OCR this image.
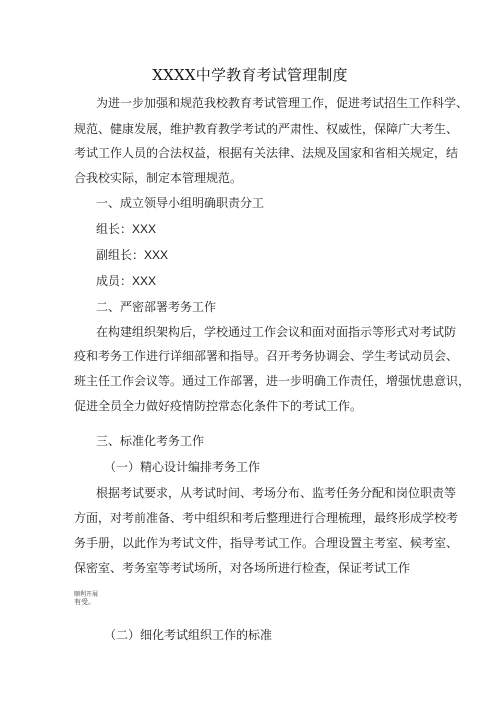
XXXX中学教育考试管理制度
为进一步加强和规范我校教育考试管理工作，促进考试招生工作科学、
规范、健康发展，维护教育教学考试的严肃性、权威性，保障广大考生、
考试工作人员的合法权益，根据有关法律、法规及国家和省相关规定，结
合我校实际，制定本管理规范。
一、成立领导小组明确职责分工
组长：XXX
副组长：XXX
成员：XXX
二、严密部署考务工作
在构建组织架构后，学校通过工作会议和面对面指示等形式对考试防
疫和考务工作进行详细部署和指导。召开考务协调会、学生考试动员会、
班主任工作会议等。通过工作部署，进一步明确工作责任，增强忧患意识，
促进全员全力做好疫情防控常态化条件下的考试工作。
三、标准化考务工作
（一）精心设计编排考务工作
根据考试要求，从考试时间、考场分布、监考任务分配和岗位职责等
方面，对考前准备、考中组织和考后整理进行合理梳理，最终形成学校考
务手册，以此作为考试文件，指导考试工作。合理设置主考室、候考室、
保密室、考务室等考试场所，对各场所进行检查，保证考试工作
顺利开展
有受。
（二）细化考试组织工作的标准
